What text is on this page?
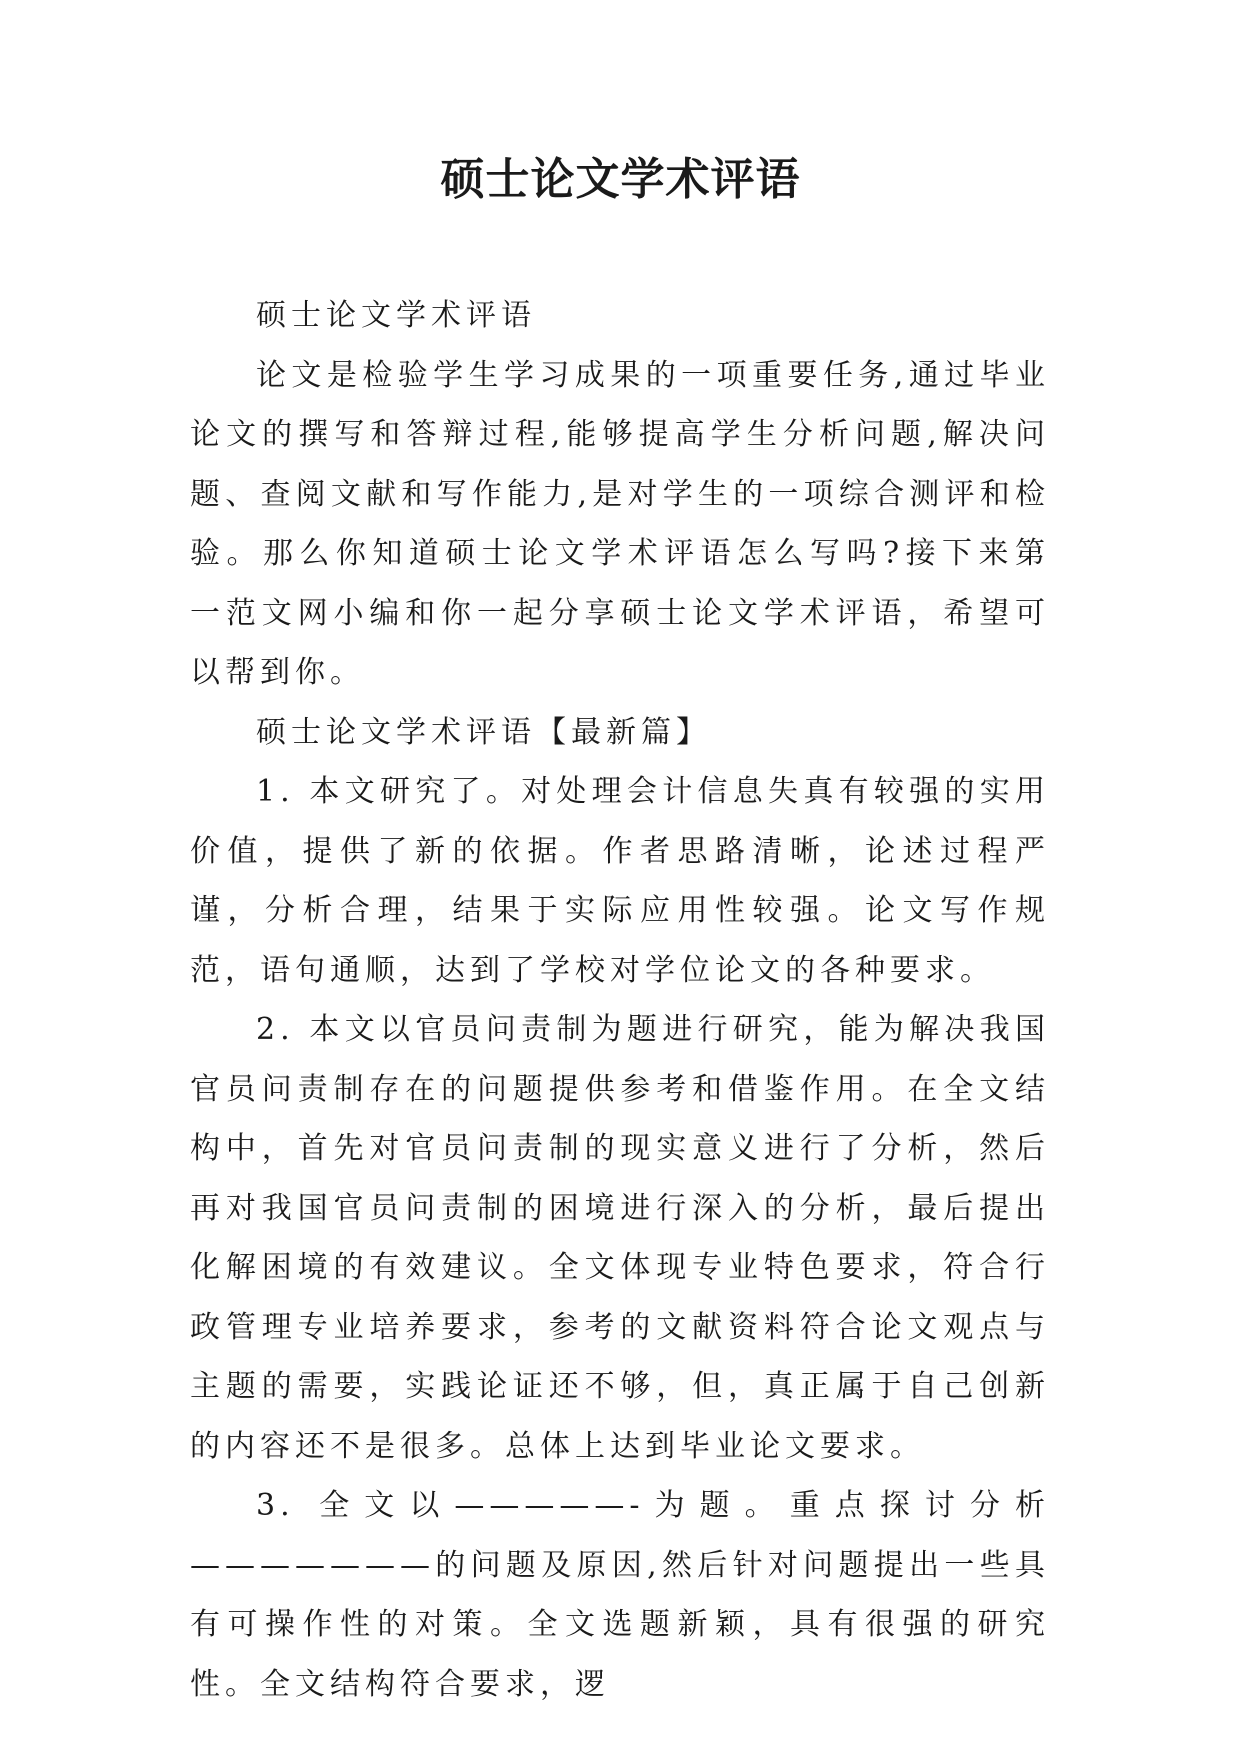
硕士论文学术评语

硕士论文学术评语

论文是检验学生学习成果的一项重要任务,通过毕业论文的撰写和答辩过程,能够提高学生分析问题,解决问题、查阅文献和写作能力,是对学生的一项综合测评和检验。那么你知道硕士论文学术评语怎么写吗?接下来第一范文网小编和你一起分享硕士论文学术评语，希望可以帮到你。

硕士论文学术评语【最新篇】

1. 本文研究了。对处理会计信息失真有较强的实用价值，提供了新的依据。作者思路清晰，论述过程严谨，分析合理，结果于实际应用性较强。论文写作规范，语句通顺，达到了学校对学位论文的各种要求。

2. 本文以官员问责制为题进行研究，能为解决我国官员问责制存在的问题提供参考和借鉴作用。在全文结构中，首先对官员问责制的现实意义进行了分析，然后再对我国官员问责制的困境进行深入的分析，最后提出化解困境的有效建议。全文体现专业特色要求，符合行政管理专业培养要求，参考的文献资料符合论文观点与主题的需要，实践论证还不够，但，真正属于自己创新的内容还不是很多。总体上达到毕业论文要求。

3. 全文以—————-为题。重点探讨分析———————的问题及原因,然后针对问题提出一些具有可操作性的对策。全文选题新颖，具有很强的研究性。全文结构符合要求，逻
